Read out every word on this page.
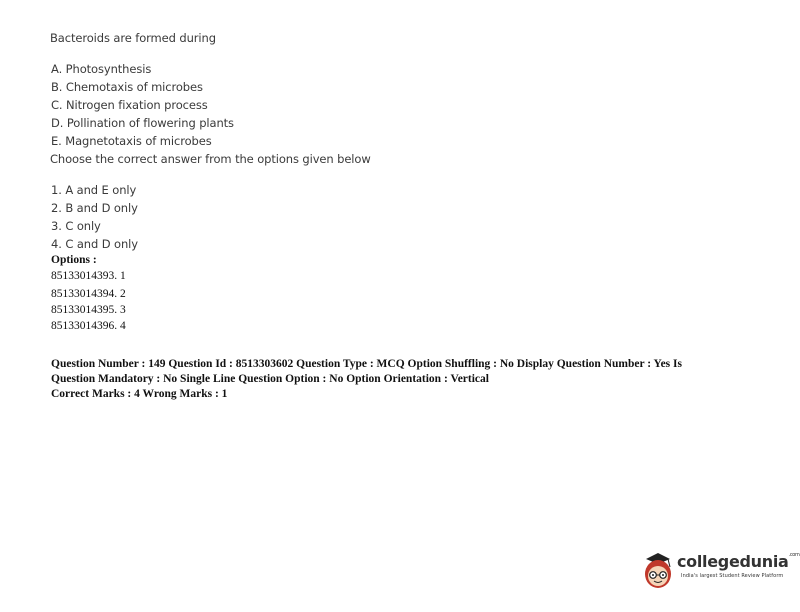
Bacteroids are formed during
A. Photosynthesis
B. Chemotaxis of microbes
C. Nitrogen fixation process
D. Pollination of flowering plants
E. Magnetotaxis of microbes
Choose the correct answer from the options given below
1. A and E only
2. B and D only
3. C only
4. C and D only
Options :
85133014393. 1
85133014394. 2
85133014395. 3
85133014396. 4
Question Number : 149 Question Id : 8513303602 Question Type : MCQ Option Shuffling : No Display Question Number : Yes Is
Question Mandatory : No Single Line Question Option : No Option Orientation : Vertical
Correct Marks : 4 Wrong Marks : 1
collegedunia$^{.com}$
India's largest Student Review Platform
